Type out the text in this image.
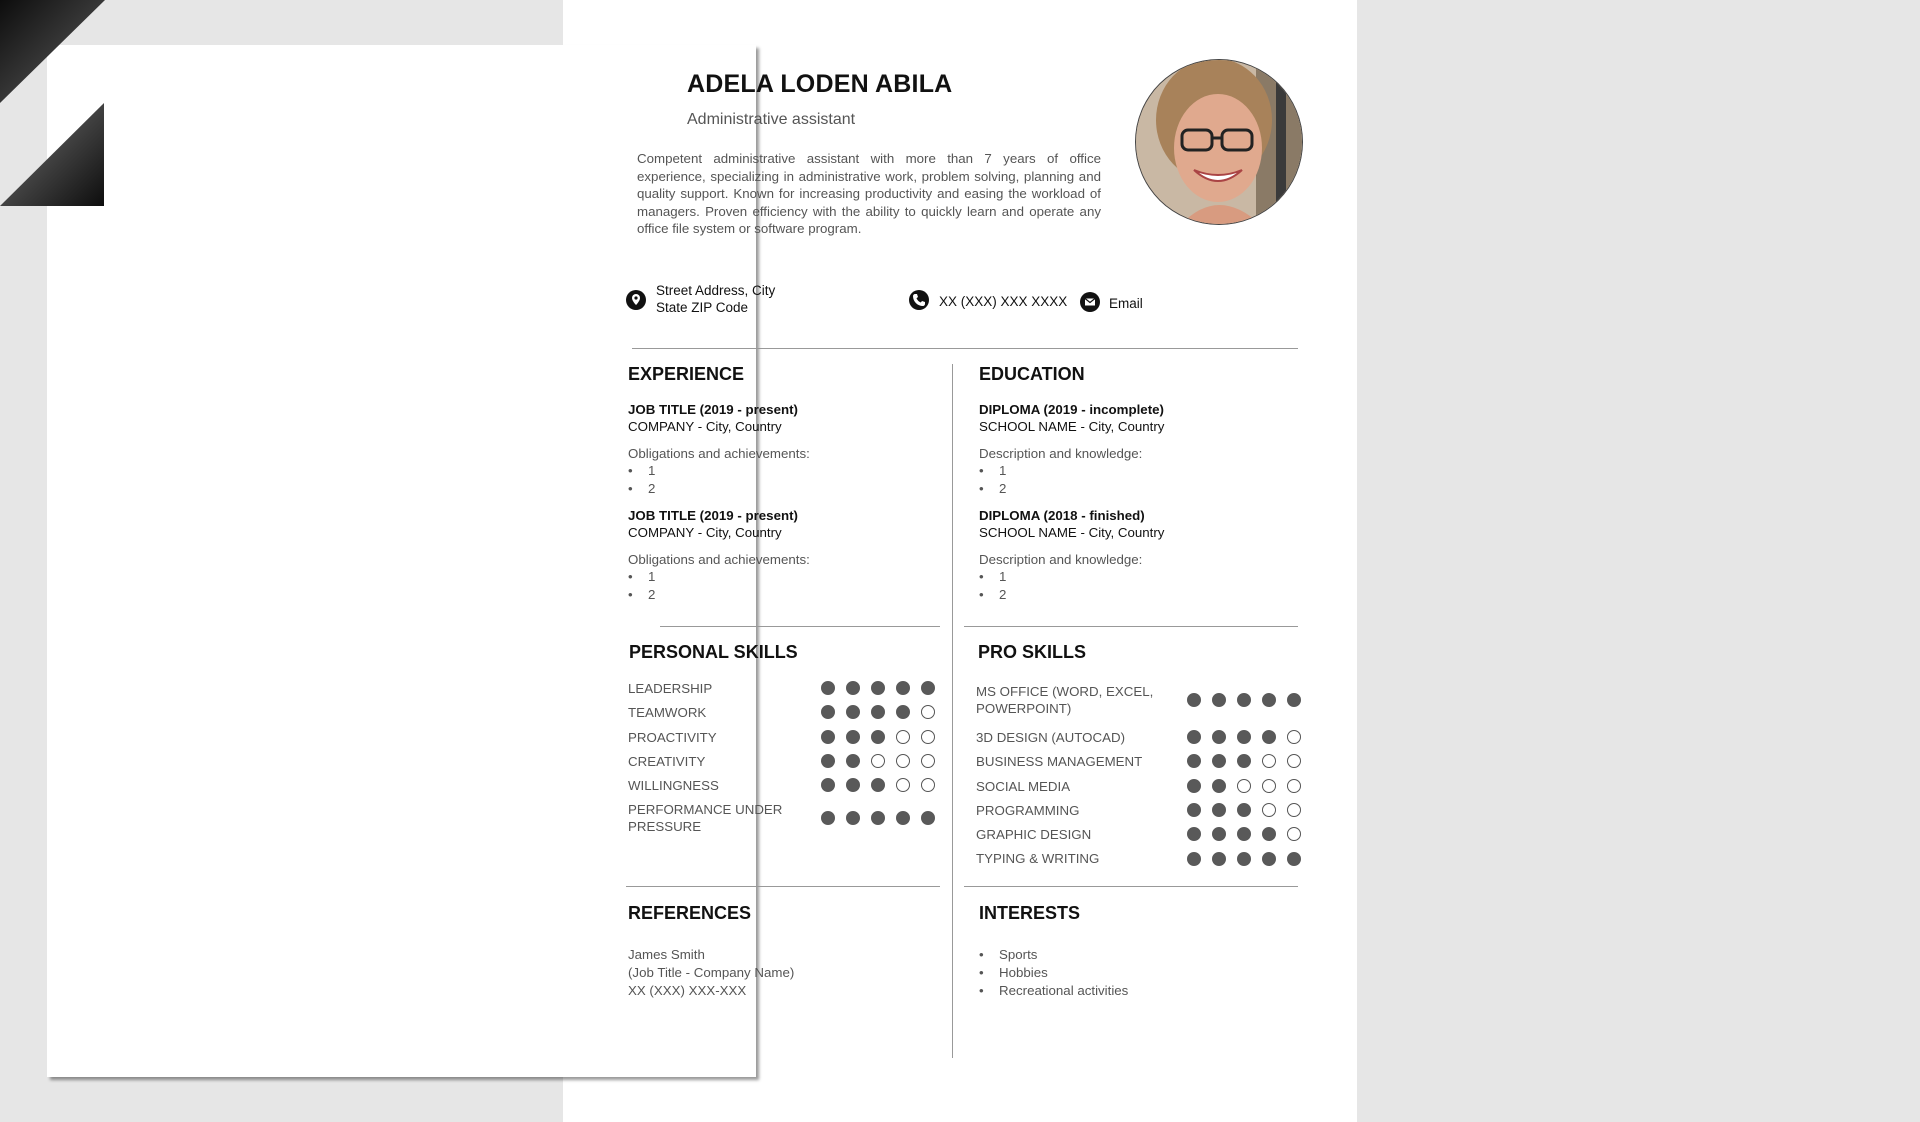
ADELA LODEN ABILA
Administrative assistant
Competent administrative assistant with more than 7 years of office experience, specializing in administrative work, problem solving, planning and quality support. Known for increasing productivity and easing the workload of managers. Proven efficiency with the ability to quickly learn and operate any office file system or software program.
Street Address, City
State ZIP Code	XX (XXX) XXX XXXX	Email
EXPERIENCE
JOB TITLE (2019 - present)
COMPANY - City, Country
Obligations and achievements:
• 1
• 2
JOB TITLE (2019 - present)
COMPANY - City, Country
Obligations and achievements:
• 1
• 2
EDUCATION
DIPLOMA (2019 - incomplete)
SCHOOL NAME - City, Country
Description and knowledge:
• 1
• 2
DIPLOMA (2018 - finished)
SCHOOL NAME - City, Country
Description and knowledge:
• 1
• 2
PERSONAL SKILLS
LEADERSHIP
TEAMWORK
PROACTIVITY
CREATIVITY
WILLINGNESS
PERFORMANCE UNDER
PRESSURE
PRO SKILLS
MS OFFICE (WORD, EXCEL,
POWERPOINT)
3D DESIGN (AUTOCAD)
BUSINESS MANAGEMENT
SOCIAL MEDIA
PROGRAMMING
GRAPHIC DESIGN
TYPING & WRITING
REFERENCES
James Smith
(Job Title - Company Name)
XX (XXX) XXX-XXX
INTERESTS
• Sports
• Hobbies
• Recreational activities
